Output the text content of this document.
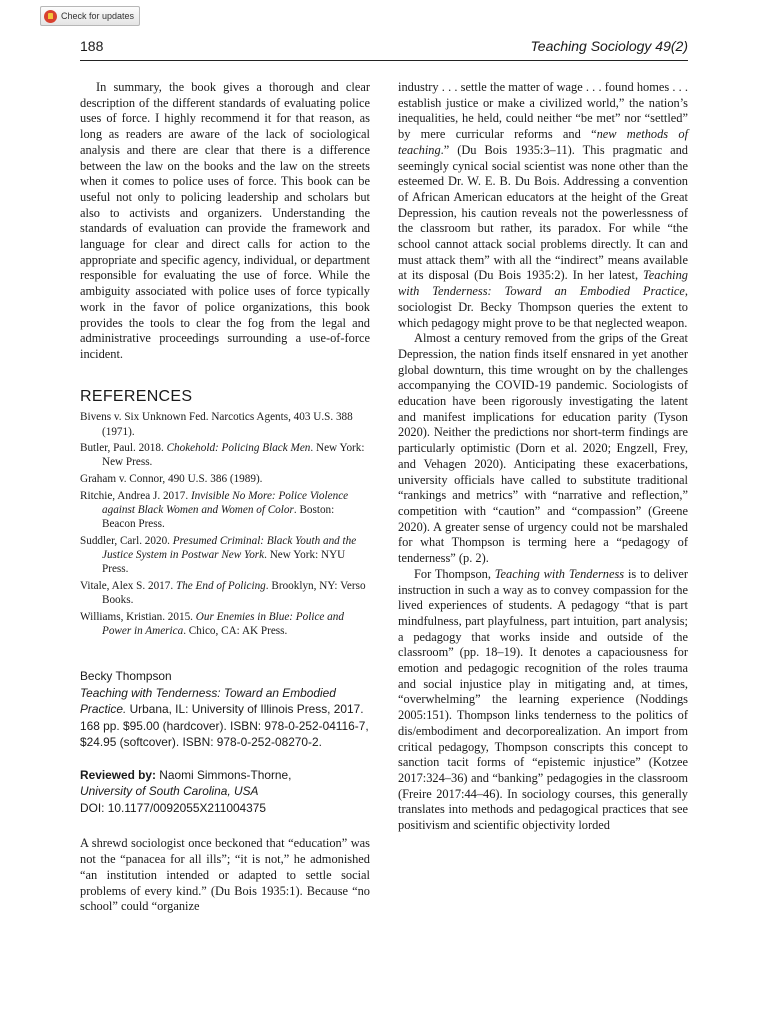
Check for updates
188	Teaching Sociology 49(2)

In summary, the book gives a thorough and clear description of the different standards of evaluating police uses of force. I highly recommend it for that reason, as long as readers are aware of the lack of sociological analysis and there are clear that there is a difference between the law on the books and the law on the streets when it comes to police uses of force. This book can be useful not only to policing leadership and scholars but also to activists and organizers. Understanding the standards of evaluation can provide the framework and language for clear and direct calls for action to the appropriate and specific agency, individual, or department responsible for evaluating the use of force. While the ambiguity associated with police uses of force typically work in the favor of police organizations, this book provides the tools to clear the fog from the legal and administrative proceedings surrounding a use-of-force incident.

REFERENCES
Bivens v. Six Unknown Fed. Narcotics Agents, 403 U.S. 388 (1971).
Butler, Paul. 2018. Chokehold: Policing Black Men. New York: New Press.
Graham v. Connor, 490 U.S. 386 (1989).
Ritchie, Andrea J. 2017. Invisible No More: Police Violence against Black Women and Women of Color. Boston: Beacon Press.
Suddler, Carl. 2020. Presumed Criminal: Black Youth and the Justice System in Postwar New York. New York: NYU Press.
Vitale, Alex S. 2017. The End of Policing. Brooklyn, NY: Verso Books.
Williams, Kristian. 2015. Our Enemies in Blue: Police and Power in America. Chico, CA: AK Press.
Becky Thompson
Teaching with Tenderness: Toward an Embodied Practice. Urbana, IL: University of Illinois Press, 2017. 168 pp. $95.00 (hardcover). ISBN: 978-0-252-04116-7, $24.95 (softcover). ISBN: 978-0-252-08270-2.
Reviewed by: Naomi Simmons-Thorne,
University of South Carolina, USA
DOI: 10.1177/0092055X211004375

A shrewd sociologist once beckoned that “education” was not the “panacea for all ills”; “it is not,” he admonished “an institution intended or adapted to settle social problems of every kind.” (Du Bois 1935:1). Because “no school” could “organize

industry . . . settle the matter of wage . . . found homes . . . establish justice or make a civilized world,” the nation’s inequalities, he held, could neither “be met” nor “settled” by mere curricular reforms and “new methods of teaching.” (Du Bois 1935:3–11). This pragmatic and seemingly cynical social scientist was none other than the esteemed Dr. W. E. B. Du Bois. Addressing a convention of African American educators at the height of the Great Depression, his caution reveals not the powerlessness of the classroom but rather, its paradox. For while “the school cannot attack social problems directly. It can and must attack them” with all the “indirect” means available at its disposal (Du Bois 1935:2). In her latest, Teaching with Tenderness: Toward an Embodied Practice, sociologist Dr. Becky Thompson queries the extent to which pedagogy might prove to be that neglected weapon.

Almost a century removed from the grips of the Great Depression, the nation finds itself ensnared in yet another global downturn, this time wrought on by the challenges accompanying the COVID-19 pandemic. Sociologists of education have been rigorously investigating the latent and manifest implications for education parity (Tyson 2020). Neither the predictions nor short-term findings are particularly optimistic (Dorn et al. 2020; Engzell, Frey, and Vehagen 2020). Anticipating these exacerbations, university officials have called to substitute traditional “rankings and metrics” with “narrative and reflection,” competition with “caution” and “compassion” (Greene 2020). A greater sense of urgency could not be marshaled for what Thompson is terming here a “pedagogy of tenderness” (p. 2).

For Thompson, Teaching with Tenderness is to deliver instruction in such a way as to convey compassion for the lived experiences of students. A pedagogy “that is part mindfulness, part playfulness, part intuition, part analysis; a pedagogy that works inside and outside of the classroom” (pp. 18–19). It denotes a capaciousness for emotion and pedagogic recognition of the roles trauma and social injustice play in mitigating and, at times, “overwhelming” the learning experience (Noddings 2005:151). Thompson links tenderness to the politics of dis/embodiment and decorporealization. An import from critical pedagogy, Thompson conscripts this concept to sanction tacit forms of “epistemic injustice” (Kotzee 2017:324–36) and “banking” pedagogies in the classroom (Freire 2017:44–46). In sociology courses, this generally translates into methods and pedagogical practices that see positivism and scientific objectivity lorded
